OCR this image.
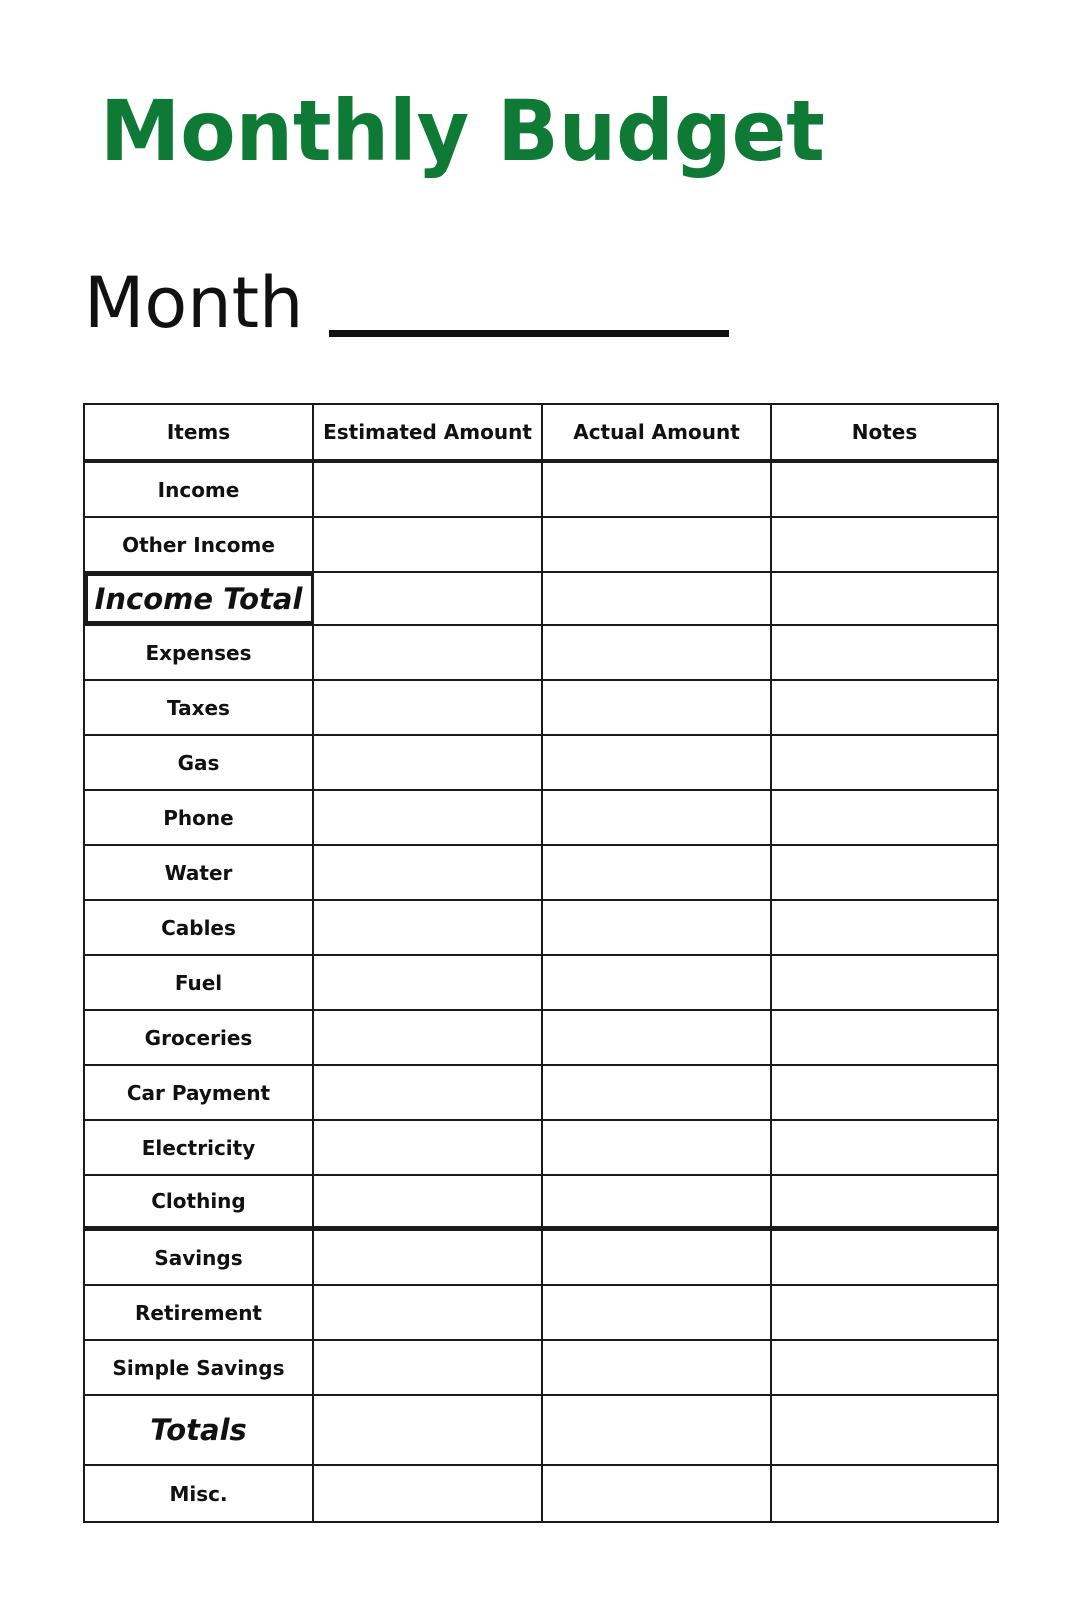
Monthly Budget
Month
Items	Estimated Amount	Actual Amount	Notes
Income
Other Income
Income Total
Expenses
Taxes
Gas
Phone
Water
Cables
Fuel
Groceries
Car Payment
Electricity
Clothing
Savings
Retirement
Simple Savings
Totals
Misc.
